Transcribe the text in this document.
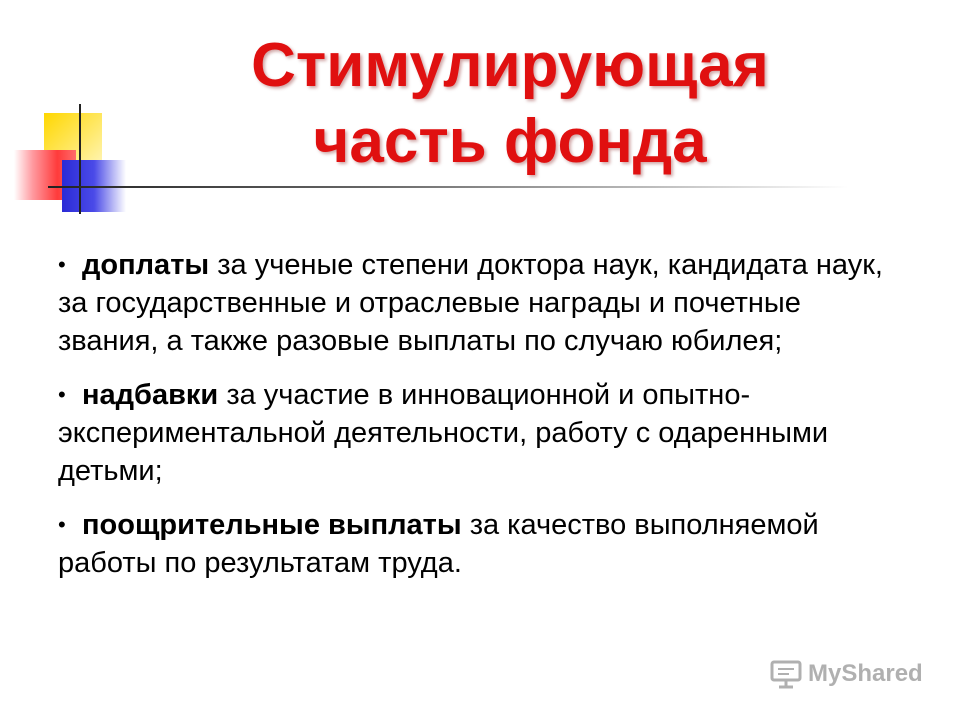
Стимулирующая
часть фонда
• доплаты за ученые степени доктора наук, кандидата наук, за государственные и отраслевые награды и почетные звания, а также разовые выплаты по случаю юбилея;
• надбавки за участие в инновационной и опытно-экспериментальной деятельности, работу с одаренными детьми;
• поощрительные выплаты за качество выполняемой работы по результатам труда.
MyShared
